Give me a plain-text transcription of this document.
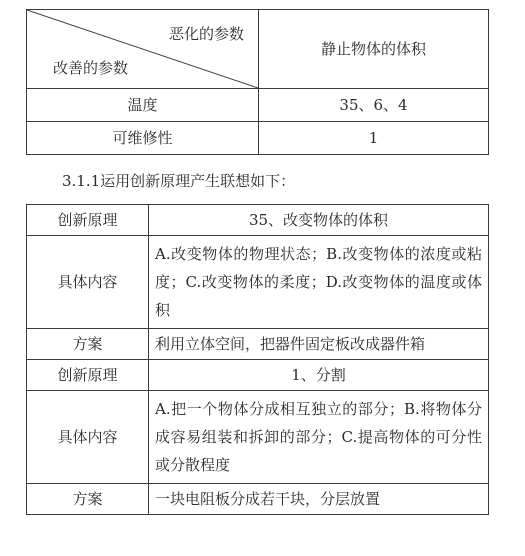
恶化的参数
改善的参数	静止物体的体积
温度	35、6、4
可维修性	1
3.1.1运用创新原理产生联想如下：
创新原理	35、改变物体的体积
具体内容	A.改变物体的物理状态；B.改变物体的浓度或粘度；C.改变物体的柔度；D.改变物体的温度或体积
方案	利用立体空间，把器件固定板改成器件箱
创新原理	1、分割
具体内容	A.把一个物体分成相互独立的部分；B.将物体分成容易组装和拆卸的部分；C.提高物体的可分性或分散程度
方案	一块电阻板分成若干块，分层放置
